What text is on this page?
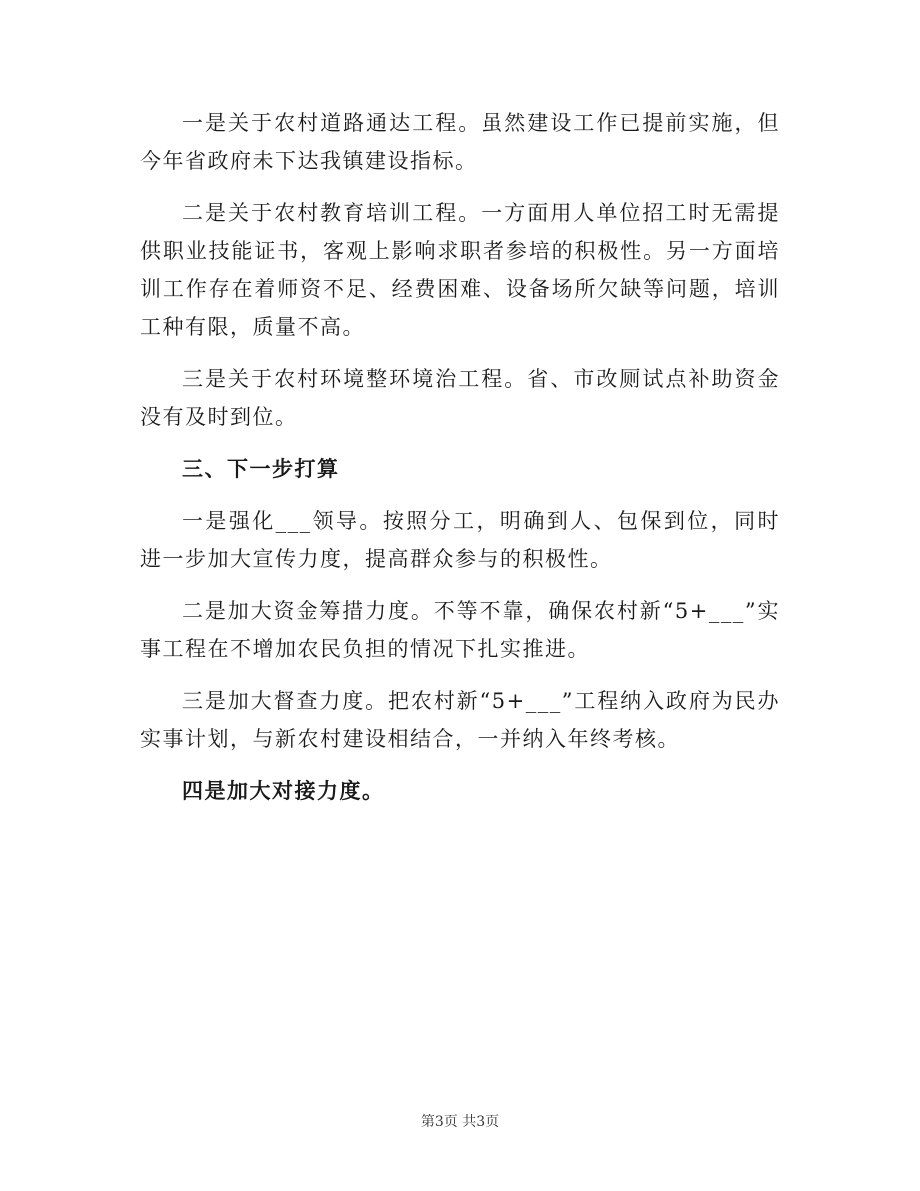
一是关于农村道路通达工程。虽然建设工作已提前实施，但今年省政府未下达我镇建设指标。

二是关于农村教育培训工程。一方面用人单位招工时无需提供职业技能证书，客观上影响求职者参培的积极性。另一方面培训工作存在着师资不足、经费困难、设备场所欠缺等问题，培训工种有限，质量不高。

三是关于农村环境整环境治工程。省、市改厕试点补助资金没有及时到位。

三、下一步打算

一是强化___领导。按照分工，明确到人、包保到位，同时进一步加大宣传力度，提高群众参与的积极性。

二是加大资金筹措力度。不等不靠，确保农村新“5+___”实事工程在不增加农民负担的情况下扎实推进。

三是加大督查力度。把农村新“5+___”工程纳入政府为民办实事计划，与新农村建设相结合，一并纳入年终考核。

四是加大对接力度。

第3页 共3页
